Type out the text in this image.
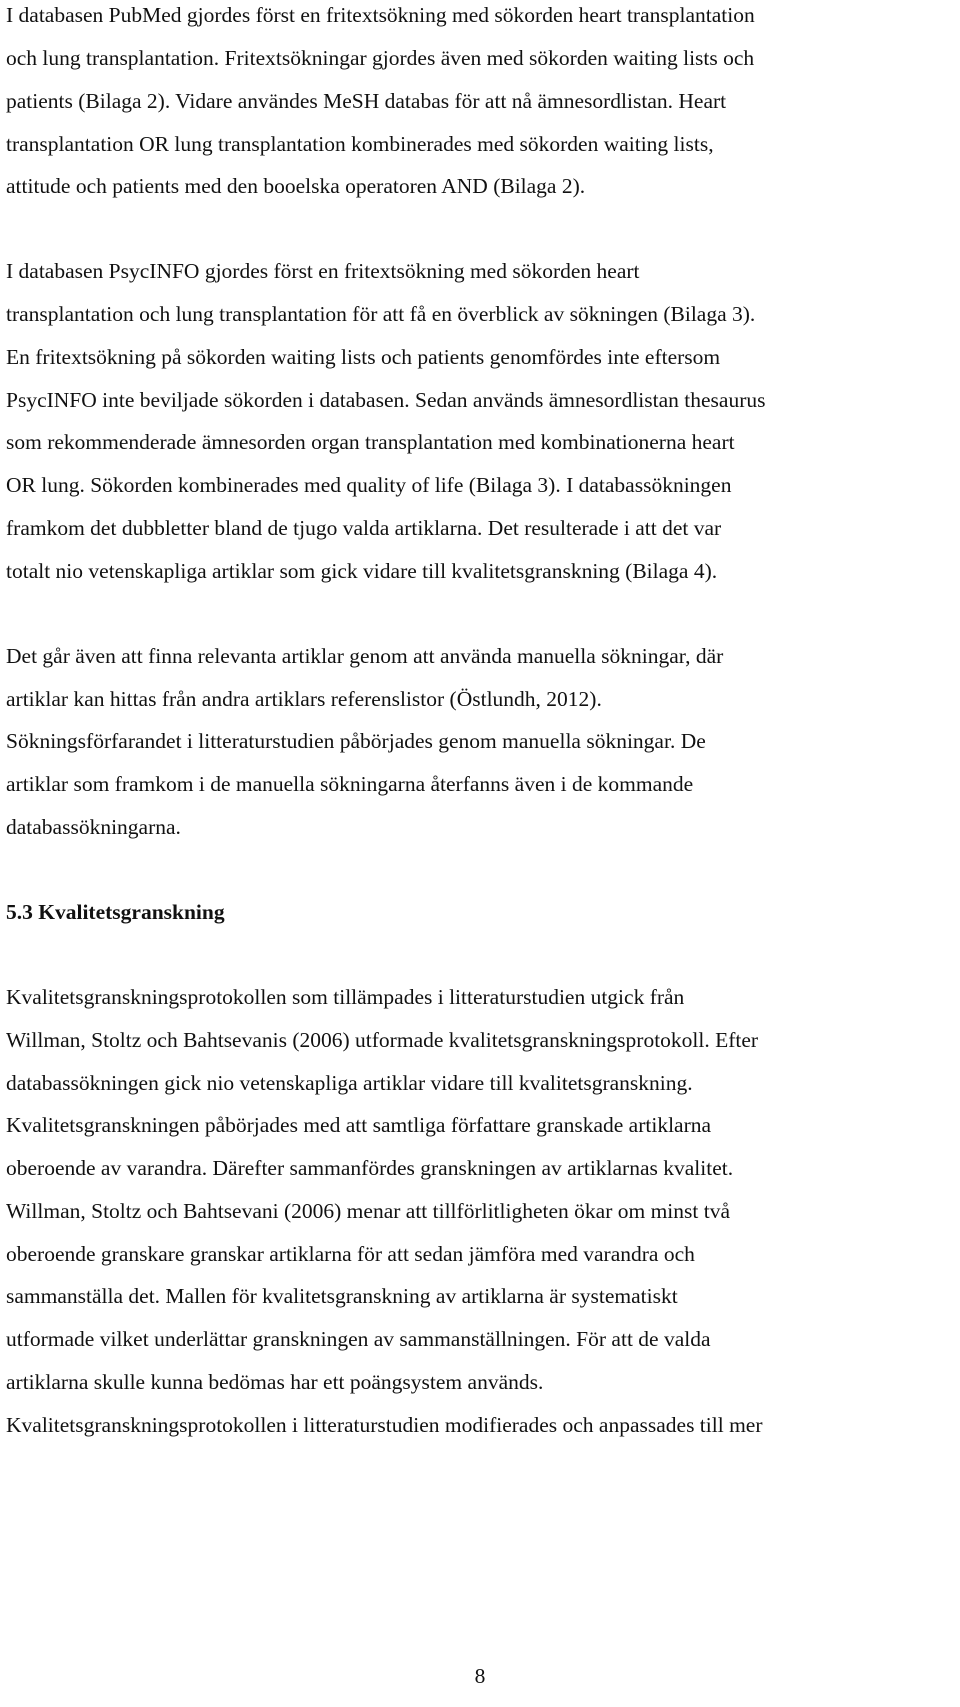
I databasen PubMed gjordes först en fritextsökning med sökorden heart transplantation
och lung transplantation. Fritextsökningar gjordes även med sökorden waiting lists och
patients (Bilaga 2). Vidare användes MeSH databas för att nå ämnesordlistan. Heart
transplantation OR lung transplantation kombinerades med sökorden waiting lists,
attitude och patients med den booelska operatoren AND (Bilaga 2).
I databasen PsycINFO gjordes först en fritextsökning med sökorden heart
transplantation och lung transplantation för att få en överblick av sökningen (Bilaga 3).
En fritextsökning på sökorden waiting lists och patients genomfördes inte eftersom
PsycINFO inte beviljade sökorden i databasen. Sedan används ämnesordlistan thesaurus
som rekommenderade ämnesorden organ transplantation med kombinationerna heart
OR lung. Sökorden kombinerades med quality of life (Bilaga 3). I databassökningen
framkom det dubbletter bland de tjugo valda artiklarna. Det resulterade i att det var
totalt nio vetenskapliga artiklar som gick vidare till kvalitetsgranskning (Bilaga 4).
Det går även att finna relevanta artiklar genom att använda manuella sökningar, där
artiklar kan hittas från andra artiklars referenslistor (Östlundh, 2012).
Sökningsförfarandet i litteraturstudien påbörjades genom manuella sökningar. De
artiklar som framkom i de manuella sökningarna återfanns även i de kommande
databassökningarna.
5.3 Kvalitetsgranskning
Kvalitetsgranskningsprotokollen som tillämpades i litteraturstudien utgick från
Willman, Stoltz och Bahtsevanis (2006) utformade kvalitetsgranskningsprotokoll. Efter
databassökningen gick nio vetenskapliga artiklar vidare till kvalitetsgranskning.
Kvalitetsgranskningen påbörjades med att samtliga författare granskade artiklarna
oberoende av varandra. Därefter sammanfördes granskningen av artiklarnas kvalitet.
Willman, Stoltz och Bahtsevani (2006) menar att tillförlitligheten ökar om minst två
oberoende granskare granskar artiklarna för att sedan jämföra med varandra och
sammanställa det. Mallen för kvalitetsgranskning av artiklarna är systematiskt
utformade vilket underlättar granskningen av sammanställningen. För att de valda
artiklarna skulle kunna bedömas har ett poängsystem används.
Kvalitetsgranskningsprotokollen i litteraturstudien modifierades och anpassades till mer
8
